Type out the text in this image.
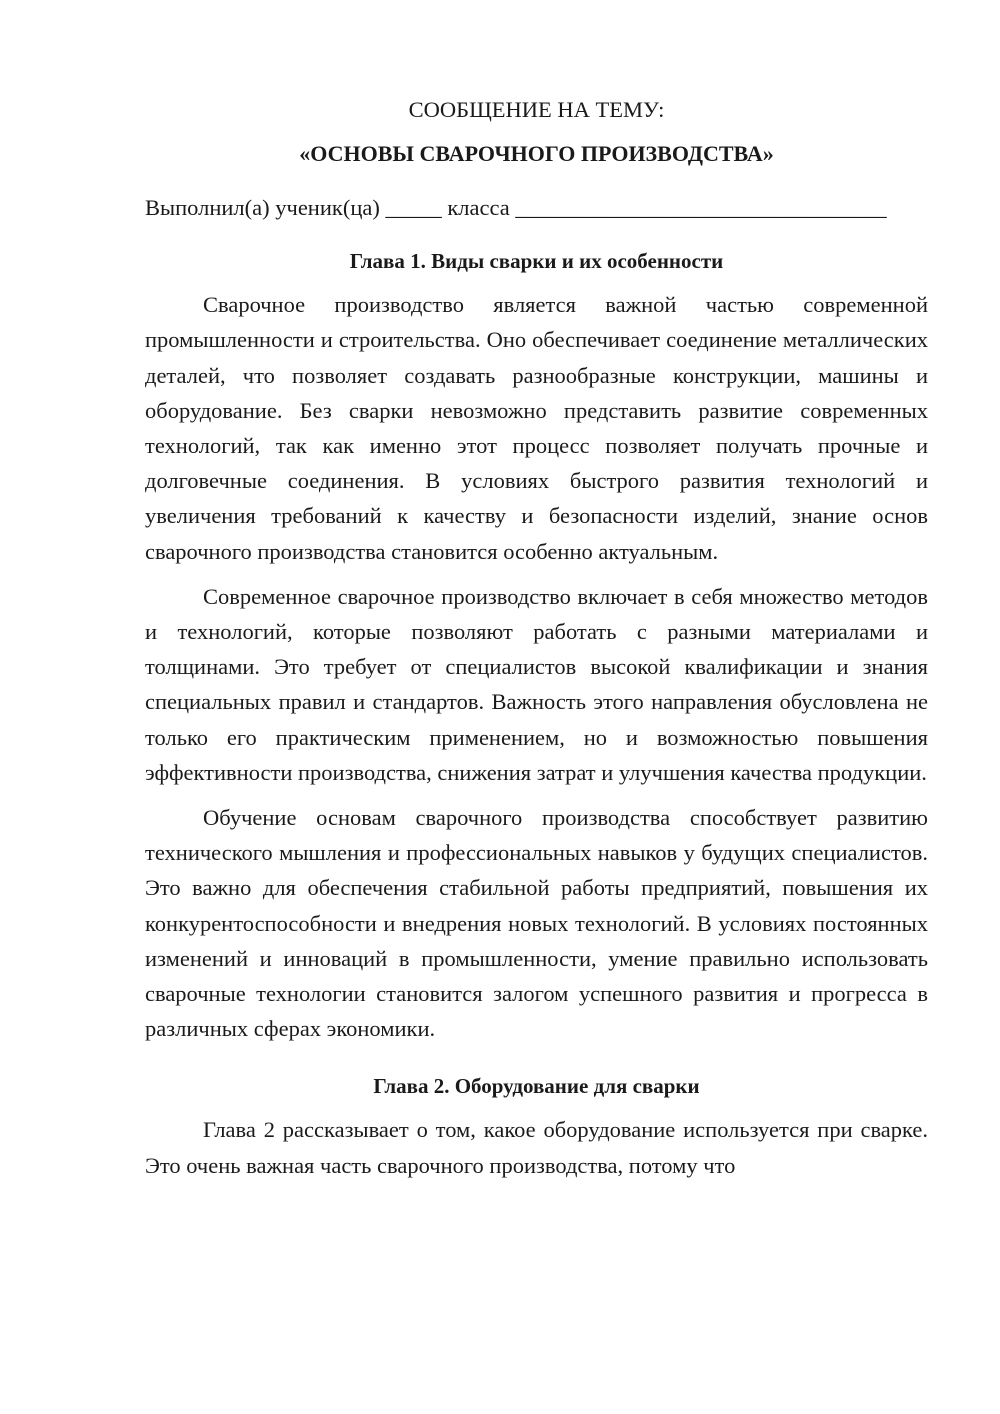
СООБЩЕНИЕ НА ТЕМУ:
«ОСНОВЫ СВАРОЧНОГО ПРОИЗВОДСТВА»
Выполнил(а) ученик(ца) _____ класса _________________________________
Глава 1. Виды сварки и их особенности

Сварочное производство является важной частью современной промышленности и строительства. Оно обеспечивает соединение металлических деталей, что позволяет создавать разнообразные конструкции, машины и оборудование. Без сварки невозможно представить развитие современных технологий, так как именно этот процесс позволяет получать прочные и долговечные соединения. В условиях быстрого развития технологий и увеличения требований к качеству и безопасности изделий, знание основ сварочного производства становится особенно актуальным.

Современное сварочное производство включает в себя множество методов и технологий, которые позволяют работать с разными материалами и толщинами. Это требует от специалистов высокой квалификации и знания специальных правил и стандартов. Важность этого направления обусловлена не только его практическим применением, но и возможностью повышения эффективности производства, снижения затрат и улучшения качества продукции.

Обучение основам сварочного производства способствует развитию технического мышления и профессиональных навыков у будущих специалистов. Это важно для обеспечения стабильной работы предприятий, повышения их конкурентоспособности и внедрения новых технологий. В условиях постоянных изменений и инноваций в промышленности, умение правильно использовать сварочные технологии становится залогом успешного развития и прогресса в различных сферах экономики.

Глава 2. Оборудование для сварки

Глава 2 рассказывает о том, какое оборудование используется при сварке. Это очень важная часть сварочного производства, потому что
